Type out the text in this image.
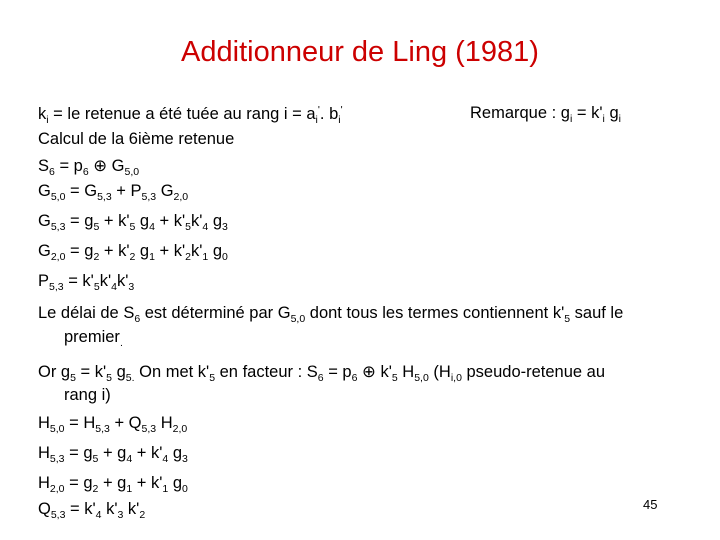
Additionneur de Ling (1981)
Remarque : $g_i = k'_i$ $g_i$
$k_i$ = le retenue a été tuée au rang $i = a_i'$. $b_i'$
Calcul de la 6ième retenue
$S_6 = p_6$ ⊕ $G_{5,0}$
$G_{5,0} = G_{5,3} + P_{5,3}$ $G_{2,0}$
$G_{5,3} = g_5 + k'_5$ $g_4 + k'_5k'_4$ $g_3$
$G_{2,0} = g_2 + k'_2$ $g_1 + k'_2k'_1$ $g_0$
$P_{5,3} = k'_5k'_4k'_3$
Le délai de $S_6$ est déterminé par $G_{5,0}$ dont tous les termes contiennent $k'_5$ sauf le
premier$_.$
Or $g_5 = k'_5$ $g_{5.}$ On met $k'_5$ en facteur : $S_6 = p_6$ ⊕ $k'_5$ $H_{5,0}$ ($H_{i,0}$ pseudo-retenue au
rang i)
$H_{5,0} = H_{5,3} + Q_{5,3}$ $H_{2,0}$
$H_{5,3} = g_5 + g_4 + k'_4$ $g_3$
$H_{2,0} = g_2 + g_1 + k'_1$ $g_0$
$Q_{5,3} = k'_4$ $k'_3$ $k'_2$
45
